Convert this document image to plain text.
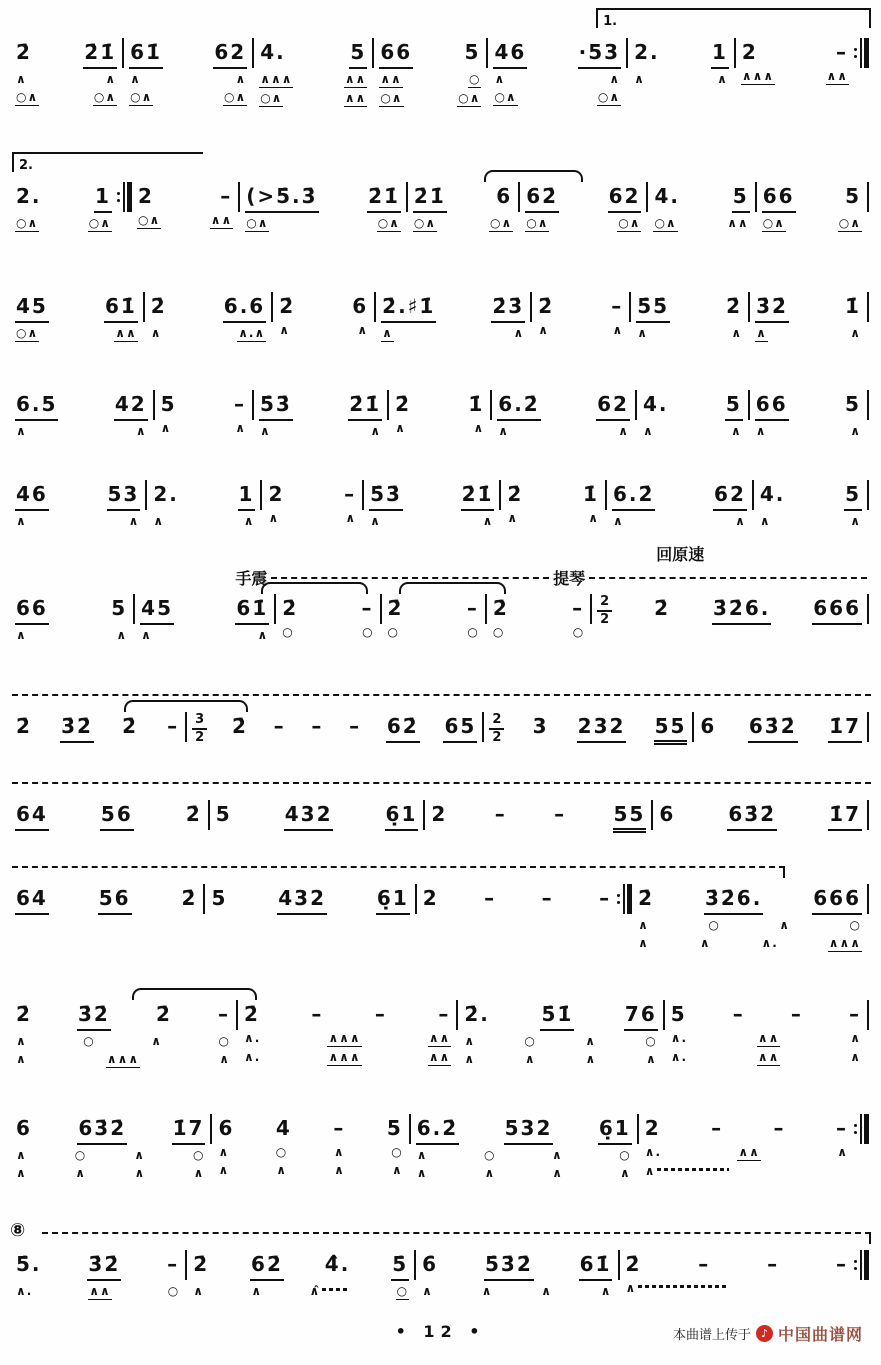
1.
2̇	2̇1̇
∧	∧
○∧	○∧
61̇	62
∧	∧
○∧	○∧
4.	5
∧∧∧	∧∧
○∧	∧∧
66	5
∧∧	○
○∧	○∧
46	·53
∧	∧
○∧	○∧
2.	1
∧	∧
2	–
∧∧∧	∧∧
2.
2.	1
○∧	○∧
2	–
○∧	∧∧
(>5̇.3̇	2̇1̇
○∧	○∧
2̇1̇	6
○∧	○∧
62̇	62
○∧	○∧
4.	5
○∧	∧∧
66	5
○∧	○∧
45	61̇
○∧	∧∧
2̇	6.6
∧	∧.∧
2̇	6
∧	∧
2̇.♯1̇	2̇3̇
∧	∧
2̇	–
∧	∧
5̇5̇	2̇
∧	∧
3̇2̇	1̇
∧	∧
6.5	42
∧	∧
5	–
∧	∧
5̇3̇	2̇1̇
∧	∧
2̇	1̇
∧	∧
6.2̇	62
∧	∧
4.	5
∧	∧
66	5
∧	∧
46	53
∧	∧
2.	1
∧	∧
2	–
∧	∧
5̇3̇	2̇1̇
∧	∧
2̇	1̇
∧	∧
6.2̇	62
∧	∧
4.	5
∧	∧
手震	提琴
回原速
66	5
∧	∧
45	61̇
∧	∧
2̇	–
○	○
2̇	–
○	○
2̇	–
○	○
$\frac{2}{2}$ 2̇ 3̇2̇6. 666
2̇ 3̇2̇ 2̇ – $\frac{3}{2}$ 2̇ – – – 62̇ $65 \frac{2}{2} 3$ 232 55 6 63̇2̇ 1̇7
64	56	2̇ 5	432	6̣1 2 – – 55 6	63̇2̇	1̇7
64	56	2̇ 5	432	6̣1 2 – – – 2̇	3̇2̇6.	666
∧	○	∧	○
∧	∧	∧.	∧∧∧
2̇ 3̇2̇ 2̇ –
∧	○	∧	○
∧	∧∧∧	∧
2̇	–	–	–
∧.	∧∧∧	∧∧
∧.	∧∧∧	∧∧
2̇.	5̇1̇	76
∧	○	∧	○
∧	∧	∧	∧
5 – – –
∧.	∧∧	∧
∧.	∧∧	∧
6 63̇2̇ 1̇7
∧	○	∧	○
∧	∧	∧	∧
6 4 – 5
∧	○	∧	○
∧	∧	∧	∧
6.2̇ 532 6̣1
∧	○	∧	○
∧	∧	∧	∧
2	–	–	–
∧.	∧∧	∧
∧
⑧
5̇. 3̇2̇ –
∧.	∧∧	○
2̇ 62̇ 4̂. 5̇
∧	∧	∧̂	○
6̇ 5̇3̇2̇ 61̇
∧	∧	∧	∧
2̇	–	–	–
∧
• 12 •	本曲谱上传于 ♪ 中国曲谱网
